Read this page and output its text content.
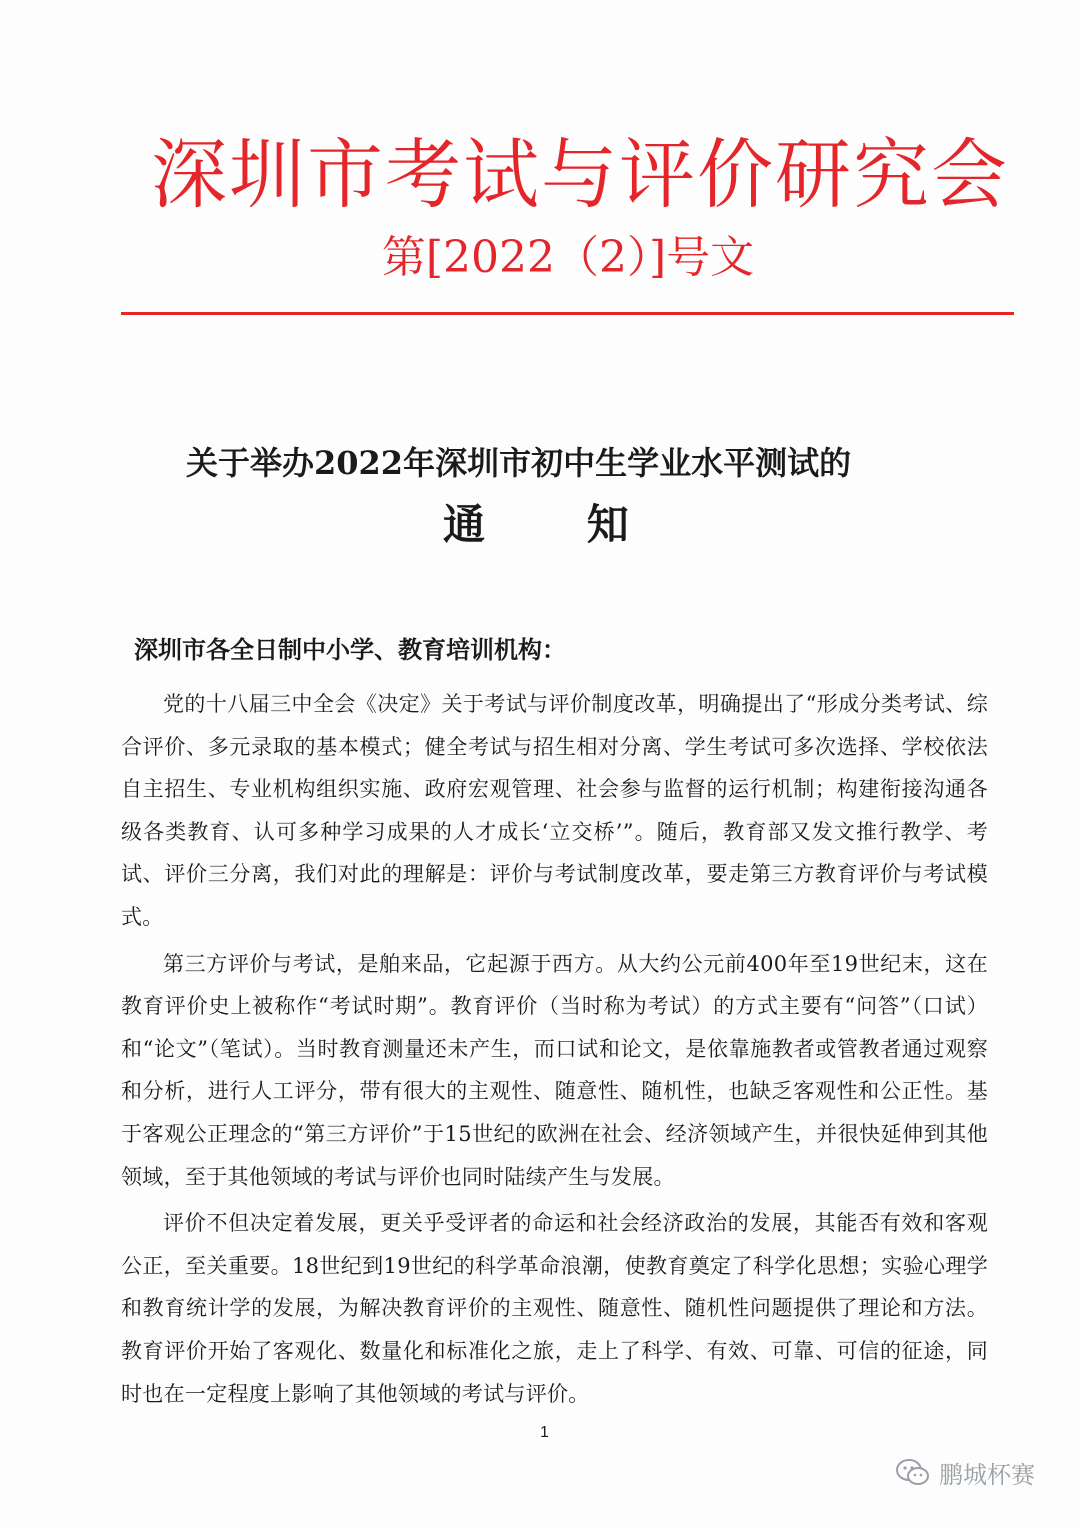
深圳市考试与评价研究会
第[2022（2）]号文
关于举办2022年深圳市初中生学业水平测试的
通      知
深圳市各全日制中小学、教育培训机构：

党的十八届三中全会《决定》关于考试与评价制度改革，明确提出了“形成分类考试、综合评价、多元录取的基本模式；健全考试与招生相对分离、学生考试可多次选择、学校依法自主招生、专业机构组织实施、政府宏观管理、社会参与监督的运行机制；构建衔接沟通各级各类教育、认可多种学习成果的人才成长‘立交桥’”。随后，教育部又发文推行教学、考试、评价三分离，我们对此的理解是：评价与考试制度改革，要走第三方教育评价与考试模式。

第三方评价与考试，是舶来品，它起源于西方。从大约公元前400年至19世纪末，这在教育评价史上被称作“考试时期”。教育评价（当时称为考试）的方式主要有“问答”（口试）和“论文”（笔试）。当时教育测量还未产生，而口试和论文，是依靠施教者或管教者通过观察和分析，进行人工评分，带有很大的主观性、随意性、随机性，也缺乏客观性和公正性。基于客观公正理念的“第三方评价”于15世纪的欧洲在社会、经济领域产生，并很快延伸到其他领域，至于其他领域的考试与评价也同时陆续产生与发展。

评价不但决定着发展，更关乎受评者的命运和社会经济政治的发展，其能否有效和客观公正，至关重要。18世纪到19世纪的科学革命浪潮，使教育奠定了科学化思想；实验心理学和教育统计学的发展，为解决教育评价的主观性、随意性、随机性问题提供了理论和方法。教育评价开始了客观化、数量化和标准化之旅，走上了科学、有效、可靠、可信的征途，同时也在一定程度上影响了其他领域的考试与评价。

1
鹏城杯赛
